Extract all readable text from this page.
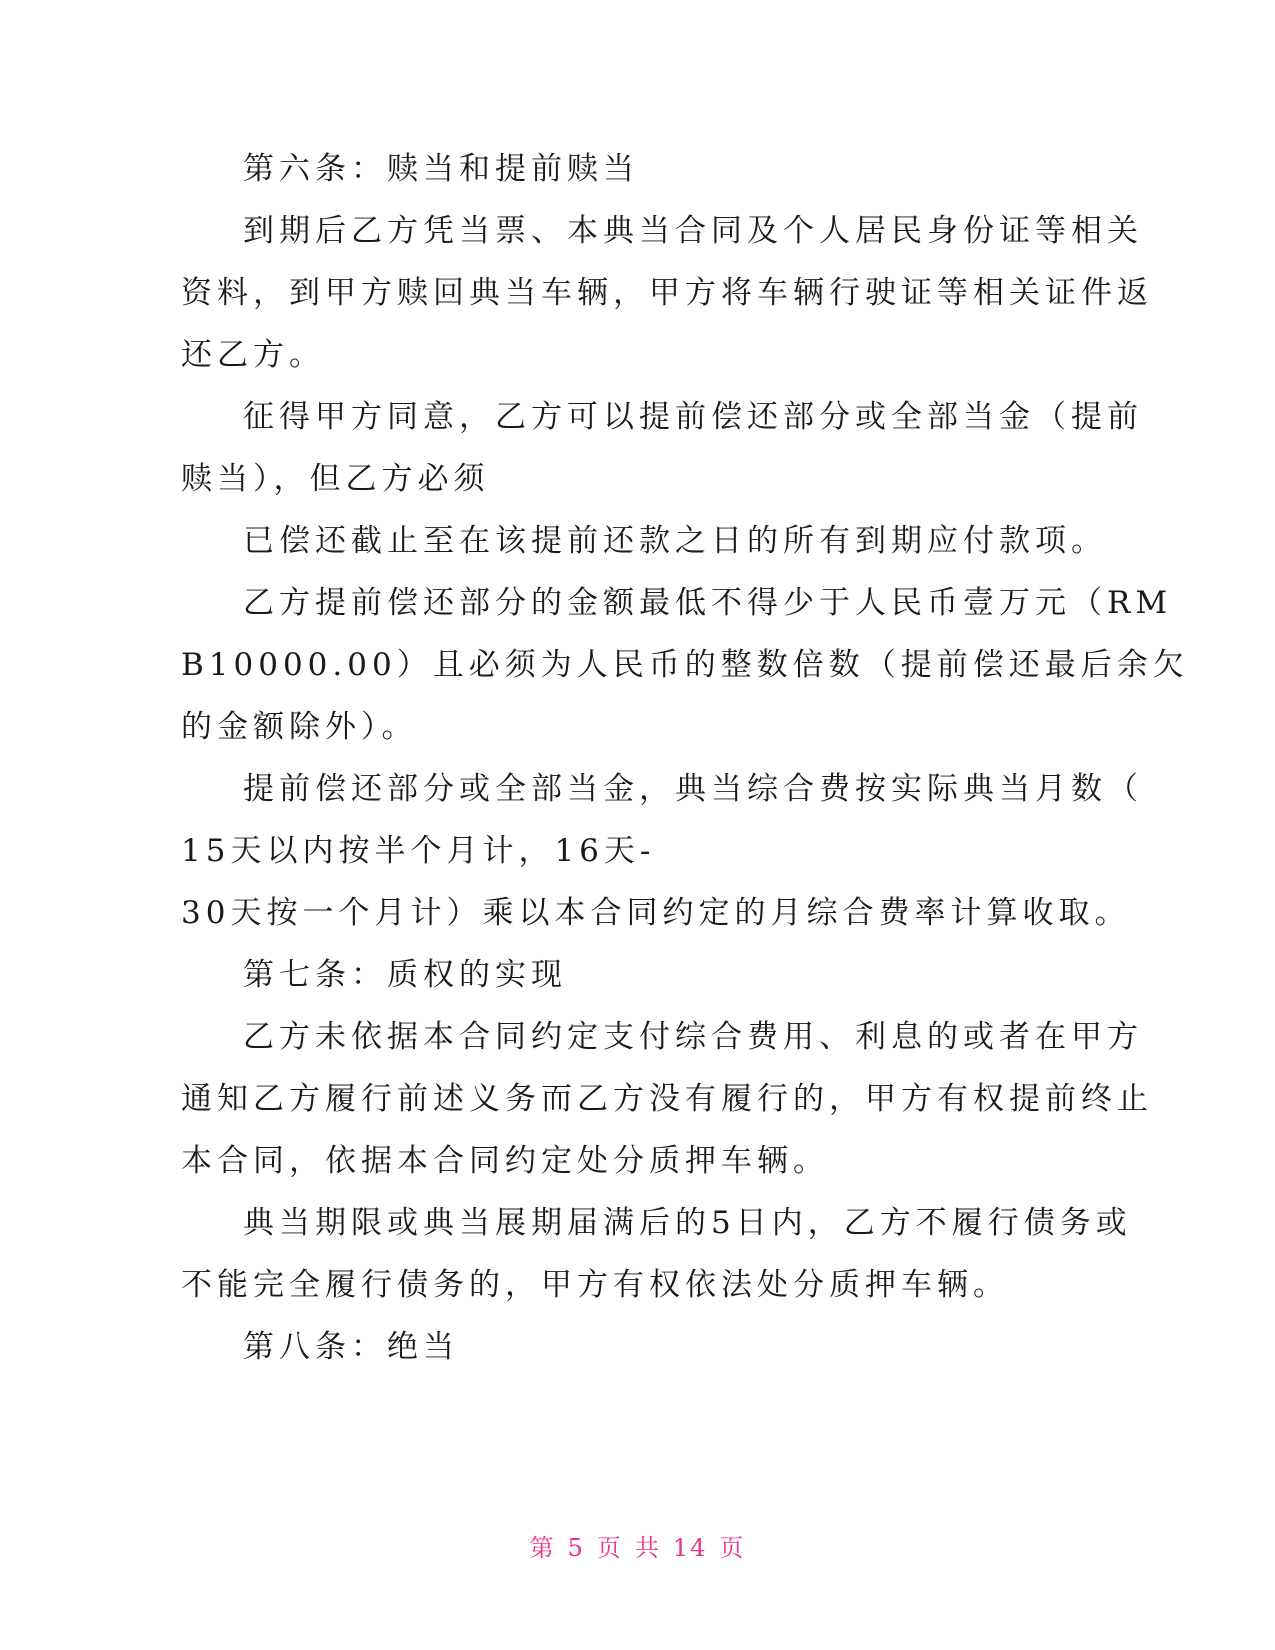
第六条：赎当和提前赎当
到期后乙方凭当票、本典当合同及个人居民身份证等相关
资料，到甲方赎回典当车辆，甲方将车辆行驶证等相关证件返
还乙方。
征得甲方同意，乙方可以提前偿还部分或全部当金（提前
赎当），但乙方必须
已偿还截止至在该提前还款之日的所有到期应付款项。
乙方提前偿还部分的金额最低不得少于人民币壹万元（RM
B10000.00）且必须为人民币的整数倍数（提前偿还最后余欠
的金额除外）。
提前偿还部分或全部当金，典当综合费按实际典当月数（
15天以内按半个月计，16天-
30天按一个月计）乘以本合同约定的月综合费率计算收取。
第七条：质权的实现
乙方未依据本合同约定支付综合费用、利息的或者在甲方
通知乙方履行前述义务而乙方没有履行的，甲方有权提前终止
本合同，依据本合同约定处分质押车辆。
典当期限或典当展期届满后的5日内，乙方不履行债务或
不能完全履行债务的，甲方有权依法处分质押车辆。
第八条：绝当
第 5 页 共 14 页
